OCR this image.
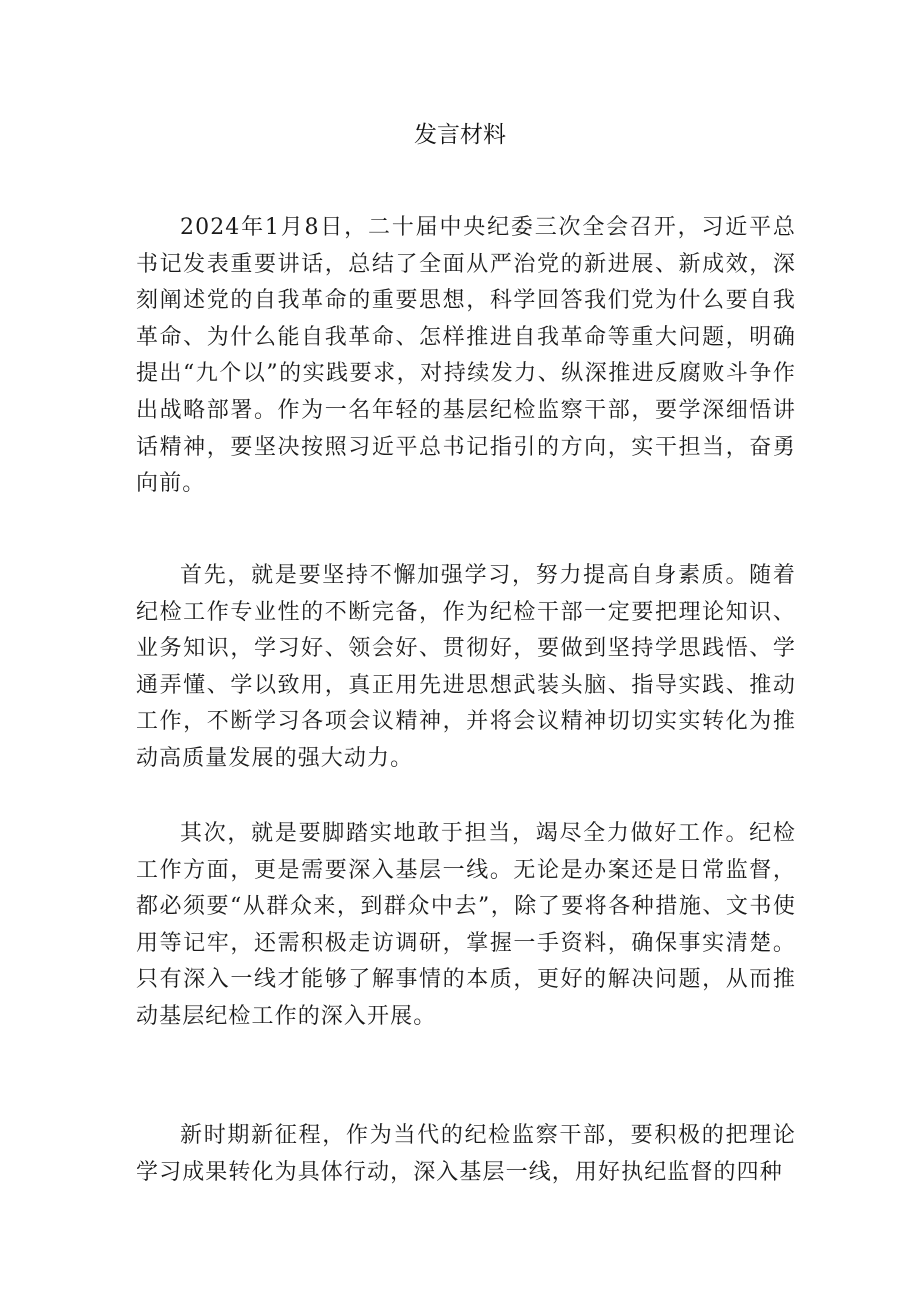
发言材料

2024年1月8日，二十届中央纪委三次全会召开，习近平总书记发表重要讲话，总结了全面从严治党的新进展、新成效，深刻阐述党的自我革命的重要思想，科学回答我们党为什么要自我革命、为什么能自我革命、怎样推进自我革命等重大问题，明确提出“九个以”的实践要求，对持续发力、纵深推进反腐败斗争作出战略部署。作为一名年轻的基层纪检监察干部，要学深细悟讲话精神，要坚决按照习近平总书记指引的方向，实干担当，奋勇向前。

首先，就是要坚持不懈加强学习，努力提高自身素质。随着纪检工作专业性的不断完备，作为纪检干部一定要把理论知识、业务知识，学习好、领会好、贯彻好，要做到坚持学思践悟、学通弄懂、学以致用，真正用先进思想武装头脑、指导实践、推动工作，不断学习各项会议精神，并将会议精神切切实实转化为推动高质量发展的强大动力。

其次，就是要脚踏实地敢于担当，竭尽全力做好工作。纪检工作方面，更是需要深入基层一线。无论是办案还是日常监督，都必须要“从群众来，到群众中去”，除了要将各种措施、文书使用等记牢，还需积极走访调研，掌握一手资料，确保事实清楚。只有深入一线才能够了解事情的本质，更好的解决问题，从而推动基层纪检工作的深入开展。

新时期新征程，作为当代的纪检监察干部，要积极的把理论学习成果转化为具体行动，深入基层一线，用好执纪监督的四种
